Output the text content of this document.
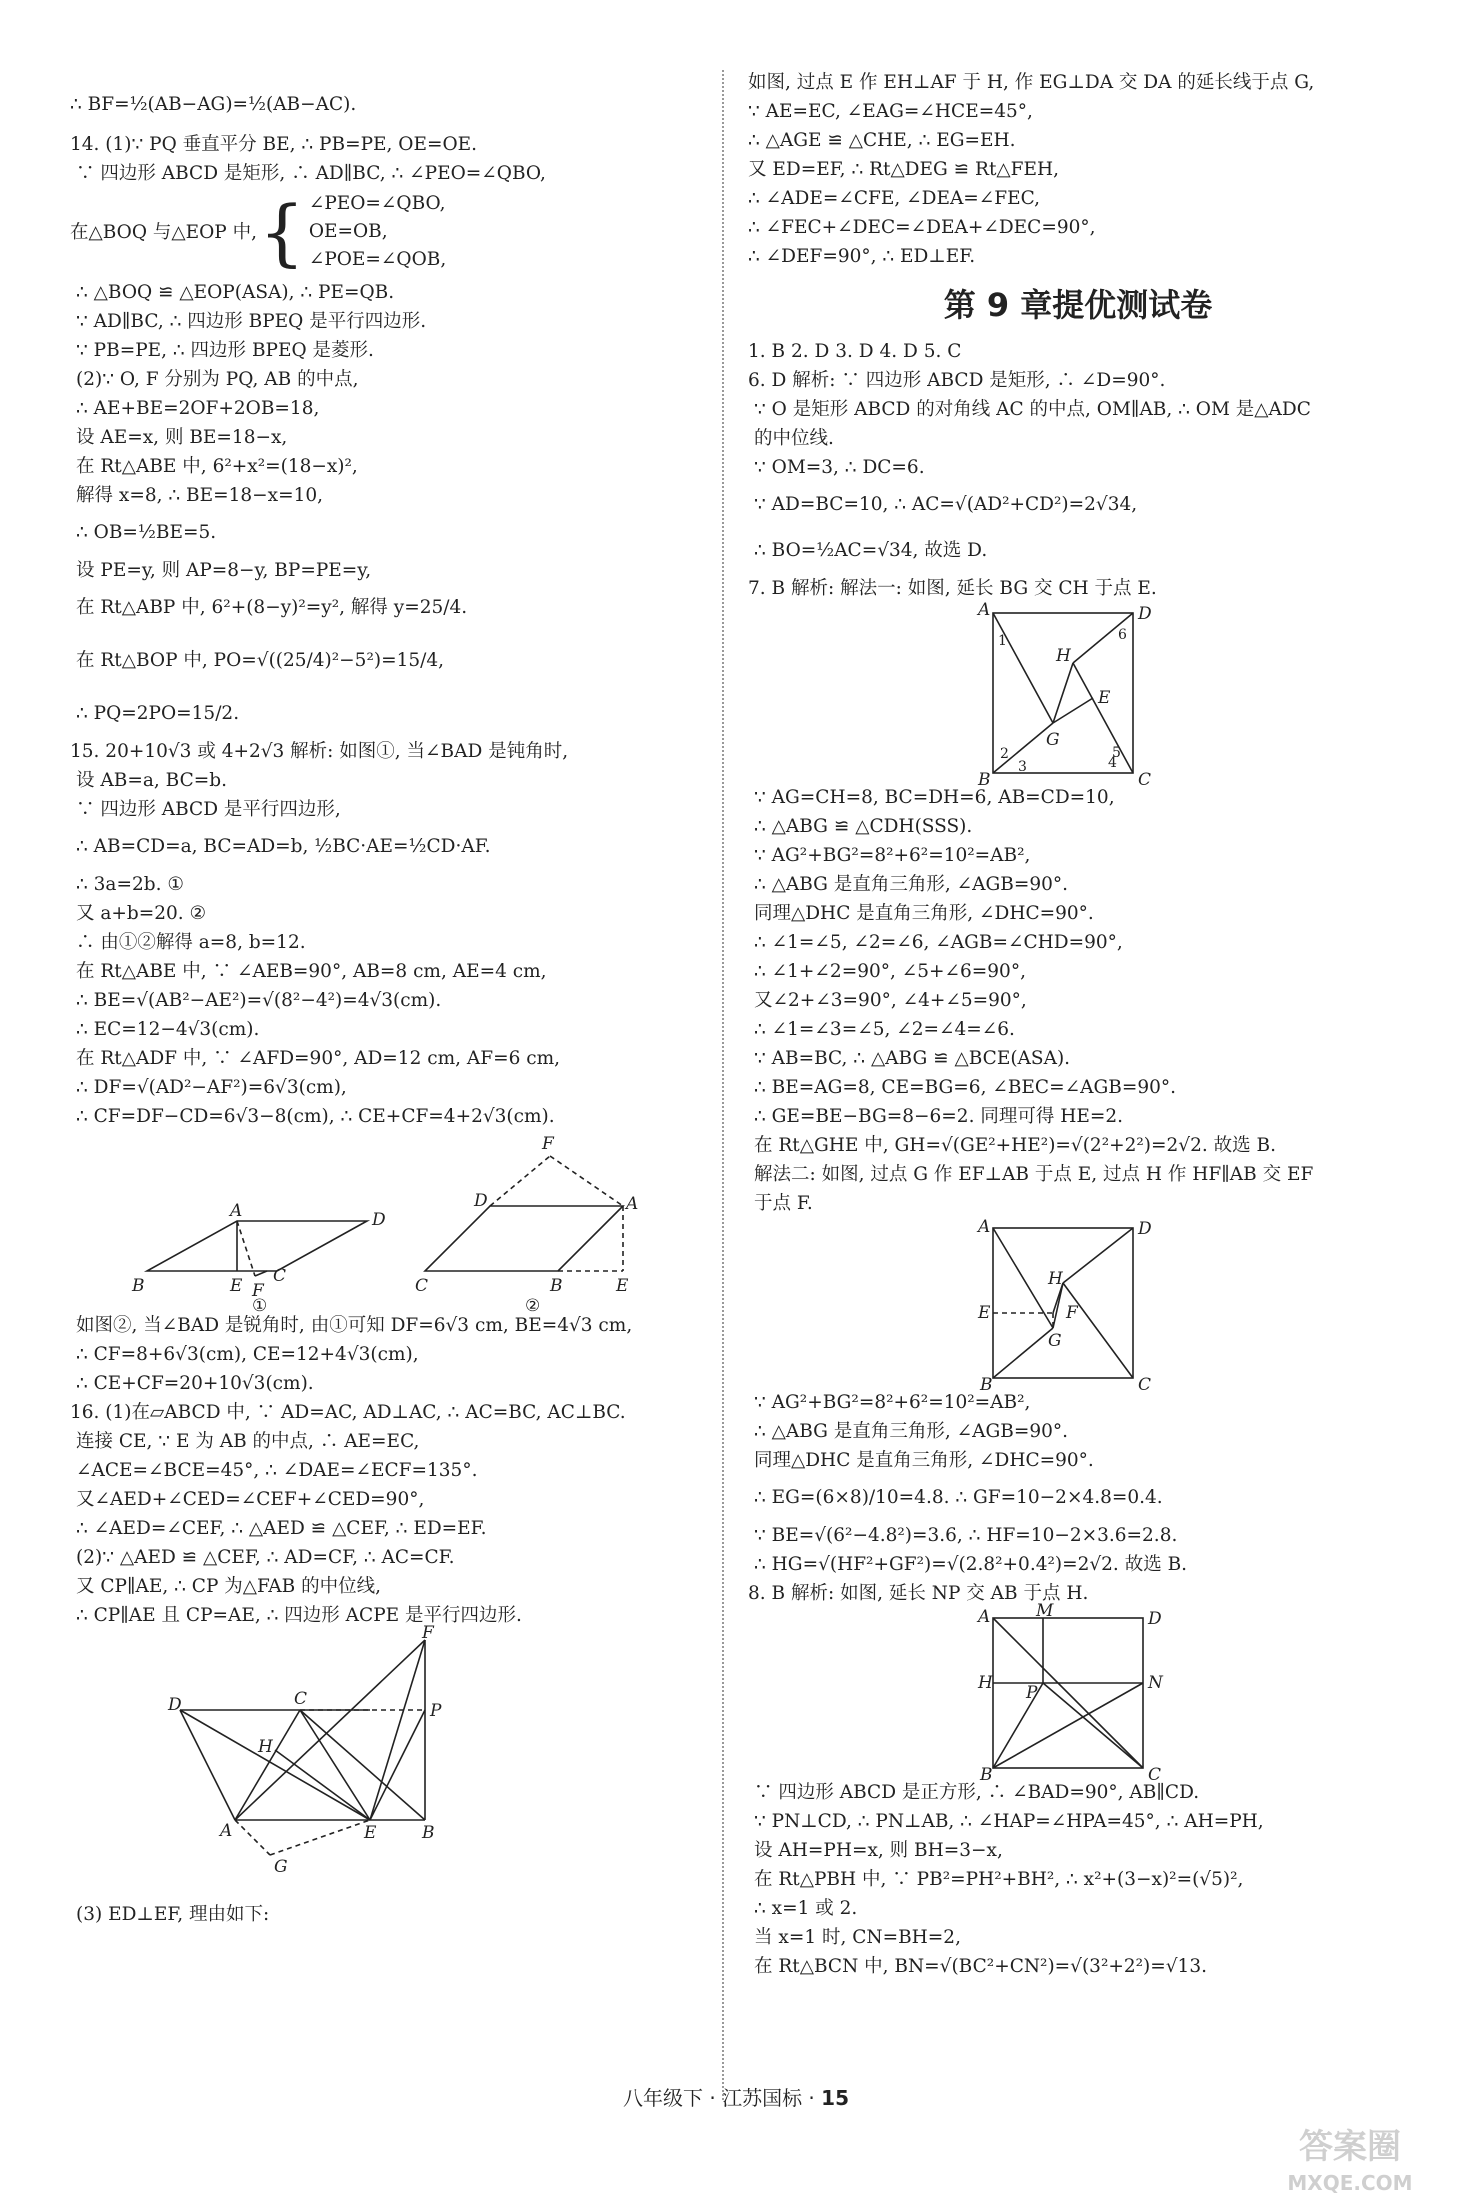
∴ BF=½(AB−AG)=½(AB−AC).
14. (1)∵ PQ 垂直平分 BE, ∴ PB=PE, OE=OE.
∵ 四边形 ABCD 是矩形, ∴ AD∥BC, ∴ ∠PEO=∠QBO,
在△BOQ 与△EOP 中, { ∠PEO=∠QBO,
OE=OB,
∠POE=∠QOB,
∴ △BOQ ≌ △EOP(ASA), ∴ PE=QB.
∵ AD∥BC, ∴ 四边形 BPEQ 是平行四边形.
∵ PB=PE, ∴ 四边形 BPEQ 是菱形.
(2)∵ O, F 分别为 PQ, AB 的中点,
∴ AE+BE=2OF+2OB=18,
设 AE=x, 则 BE=18−x,
在 Rt△ABE 中, 6²+x²=(18−x)²,
解得 x=8, ∴ BE=18−x=10,
∴ OB=½BE=5.
设 PE=y, 则 AP=8−y, BP=PE=y,
在 Rt△ABP 中, 6²+(8−y)²=y², 解得 y=25/4.
在 Rt△BOP 中, PO=√((25/4)²−5²)=15/4,
∴ PQ=2PO=15/2.
15. 20+10√3 或 4+2√3 解析: 如图①, 当∠BAD 是钝角时,
设 AB=a, BC=b.
∵ 四边形 ABCD 是平行四边形,
∴ AB=CD=a, BC=AD=b, ½BC·AE=½CD·AF.
∴ 3a=2b. ①
又 a+b=20. ②
∴ 由①②解得 a=8, b=12.
在 Rt△ABE 中, ∵ ∠AEB=90°, AB=8 cm, AE=4 cm,
∴ BE=√(AB²−AE²)=√(8²−4²)=4√3(cm).
∴ EC=12−4√3(cm).
在 Rt△ADF 中, ∵ ∠AFD=90°, AD=12 cm, AF=6 cm,
∴ DF=√(AD²−AF²)=6√3(cm),
∴ CF=DF−CD=6√3−8(cm), ∴ CE+CF=4+2√3(cm).
A	D
B	E C
F
①
F
D	A
C	B	E
②
如图②, 当∠BAD 是锐角时, 由①可知 DF=6√3 cm, BE=4√3 cm,
∴ CF=8+6√3(cm), CE=12+4√3(cm),
∴ CE+CF=20+10√3(cm).
16. (1)在▱ABCD 中, ∵ AD=AC, AD⊥AC, ∴ AC=BC, AC⊥BC.
连接 CE, ∵ E 为 AB 的中点, ∴ AE=EC,
∠ACE=∠BCE=45°, ∴ ∠DAE=∠ECF=135°.
又∠AED+∠CED=∠CEF+∠CED=90°,
∴ ∠AED=∠CEF, ∴ △AED ≌ △CEF, ∴ ED=EF.
(2)∵ △AED ≌ △CEF, ∴ AD=CF, ∴ AC=CF.
又 CP∥AE, ∴ CP 为△FAB 的中位线,
∴ CP∥AE 且 CP=AE, ∴ 四边形 ACPE 是平行四边形.
F
D	C
P
H
A	E	B
G
(3) ED⊥EF, 理由如下:
如图, 过点 E 作 EH⊥AF 于 H, 作 EG⊥DA 交 DA 的延长线于点 G,
∵ AE=EC, ∠EAG=∠HCE=45°,
∴ △AGE ≌ △CHE, ∴ EG=EH.
又 ED=EF, ∴ Rt△DEG ≌ Rt△FEH,
∴ ∠ADE=∠CFE, ∠DEA=∠FEC,
∴ ∠FEC+∠DEC=∠DEA+∠DEC=90°,
∴ ∠DEF=90°, ∴ ED⊥EF.
第 9 章提优测试卷
1. B 2. D 3. D 4. D 5. C
6. D 解析: ∵ 四边形 ABCD 是矩形, ∴ ∠D=90°.
∵ O 是矩形 ABCD 的对角线 AC 的中点, OM∥AB, ∴ OM 是△ADC
的中位线.
∵ OM=3, ∴ DC=6.
∵ AD=BC=10, ∴ AC=√(AD²+CD²)=2√34,
∴ BO=½AC=√34, 故选 D.
7. B 解析: 解法一: 如图, 延长 BG 交 CH 于点 E.
A	D
B	C
H
G
E
1
2
3	4
5
6
∵ AG=CH=8, BC=DH=6, AB=CD=10,
∴ △ABG ≌ △CDH(SSS).
∵ AG²+BG²=8²+6²=10²=AB²,
∴ △ABG 是直角三角形, ∠AGB=90°.
同理△DHC 是直角三角形, ∠DHC=90°.
∴ ∠1=∠5, ∠2=∠6, ∠AGB=∠CHD=90°,
∴ ∠1+∠2=90°, ∠5+∠6=90°,
又∠2+∠3=90°, ∠4+∠5=90°,
∴ ∠1=∠3=∠5, ∠2=∠4=∠6.
∵ AB=BC, ∴ △ABG ≌ △BCE(ASA).
∴ BE=AG=8, CE=BG=6, ∠BEC=∠AGB=90°.
∴ GE=BE−BG=8−6=2. 同理可得 HE=2.
在 Rt△GHE 中, GH=√(GE²+HE²)=√(2²+2²)=2√2. 故选 B.
解法二: 如图, 过点 G 作 EF⊥AB 于点 E, 过点 H 作 HF∥AB 交 EF
于点 F.
A	D
B	C
H
G
E	F
∵ AG²+BG²=8²+6²=10²=AB²,
∴ △ABG 是直角三角形, ∠AGB=90°.
同理△DHC 是直角三角形, ∠DHC=90°.
∴ EG=(6×8)/10=4.8. ∴ GF=10−2×4.8=0.4.
∵ BE=√(6²−4.8²)=3.6, ∴ HF=10−2×3.6=2.8.
∴ HG=√(HF²+GF²)=√(2.8²+0.4²)=2√2. 故选 B.
8. B 解析: 如图, 延长 NP 交 AB 于点 H.
A	M	D
H	N
P
B	C
∵ 四边形 ABCD 是正方形, ∴ ∠BAD=90°, AB∥CD.
∵ PN⊥CD, ∴ PN⊥AB, ∴ ∠HAP=∠HPA=45°, ∴ AH=PH,
设 AH=PH=x, 则 BH=3−x,
在 Rt△PBH 中, ∵ PB²=PH²+BH², ∴ x²+(3−x)²=(√5)²,
∴ x=1 或 2.
当 x=1 时, CN=BH=2,
在 Rt△BCN 中, BN=√(BC²+CN²)=√(3²+2²)=√13.
八年级下 · 江苏国标 · 15
答案圈
MXQE.COM
